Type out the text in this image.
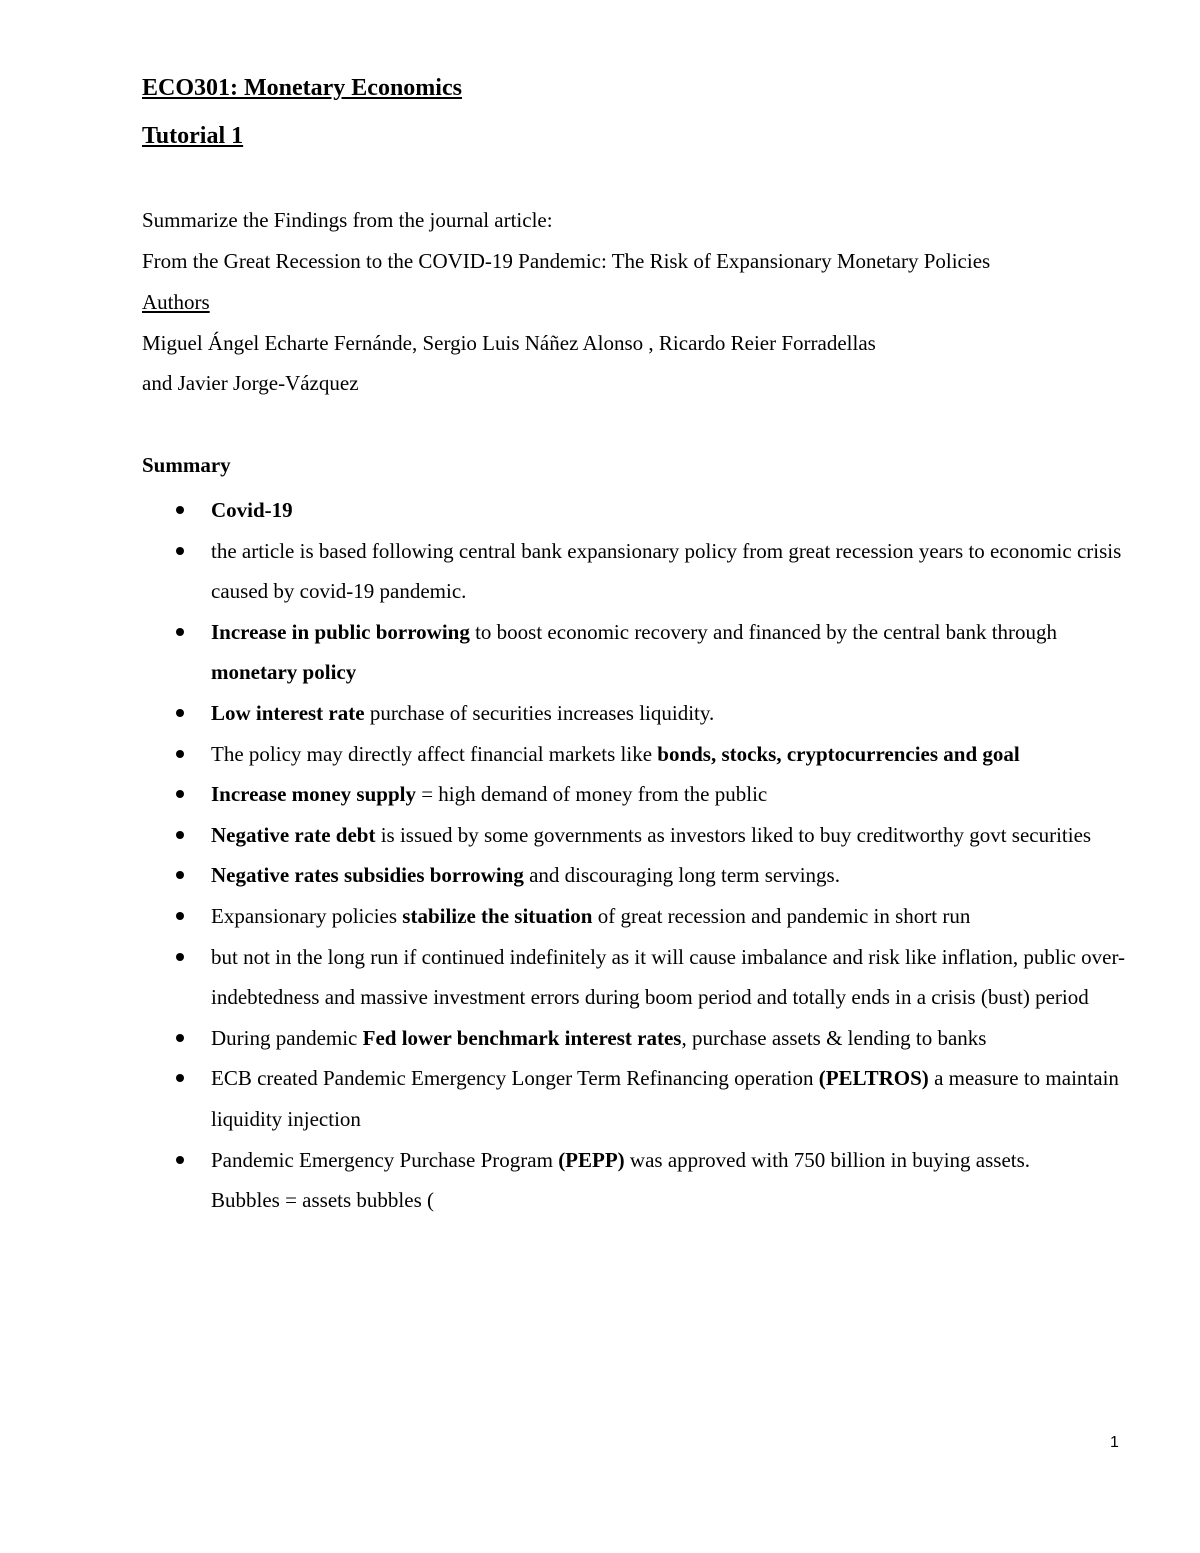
ECO301: Monetary Economics
Tutorial 1
Summarize the Findings from the journal article:
From the Great Recession to the COVID-19 Pandemic: The Risk of Expansionary Monetary Policies
Authors
Miguel Ángel Echarte Fernánde, Sergio Luis Náñez Alonso , Ricardo Reier Forradellas
and Javier Jorge-Vázquez
Summary
Covid-19
the article is based following central bank expansionary policy from great recession years to economic crisis caused by covid-19 pandemic.
Increase in public borrowing to boost economic recovery and financed by the central bank through monetary policy
Low interest rate purchase of securities increases liquidity.
The policy may directly affect financial markets like bonds, stocks, cryptocurrencies and goal
Increase money supply = high demand of money from the public
Negative rate debt is issued by some governments as investors liked to buy creditworthy govt securities
Negative rates subsidies borrowing and discouraging long term servings.
Expansionary policies stabilize the situation of great recession and pandemic in short run
but not in the long run if continued indefinitely as it will cause imbalance and risk like inflation, public over-indebtedness and massive investment errors during boom period and totally ends in a crisis (bust) period
During pandemic Fed lower benchmark interest rates, purchase assets & lending to banks
ECB created Pandemic Emergency Longer Term Refinancing operation (PELTROS) a measure to maintain liquidity injection
Pandemic Emergency Purchase Program (PEPP) was approved with 750 billion in buying assets.
Bubbles = assets bubbles (
1
